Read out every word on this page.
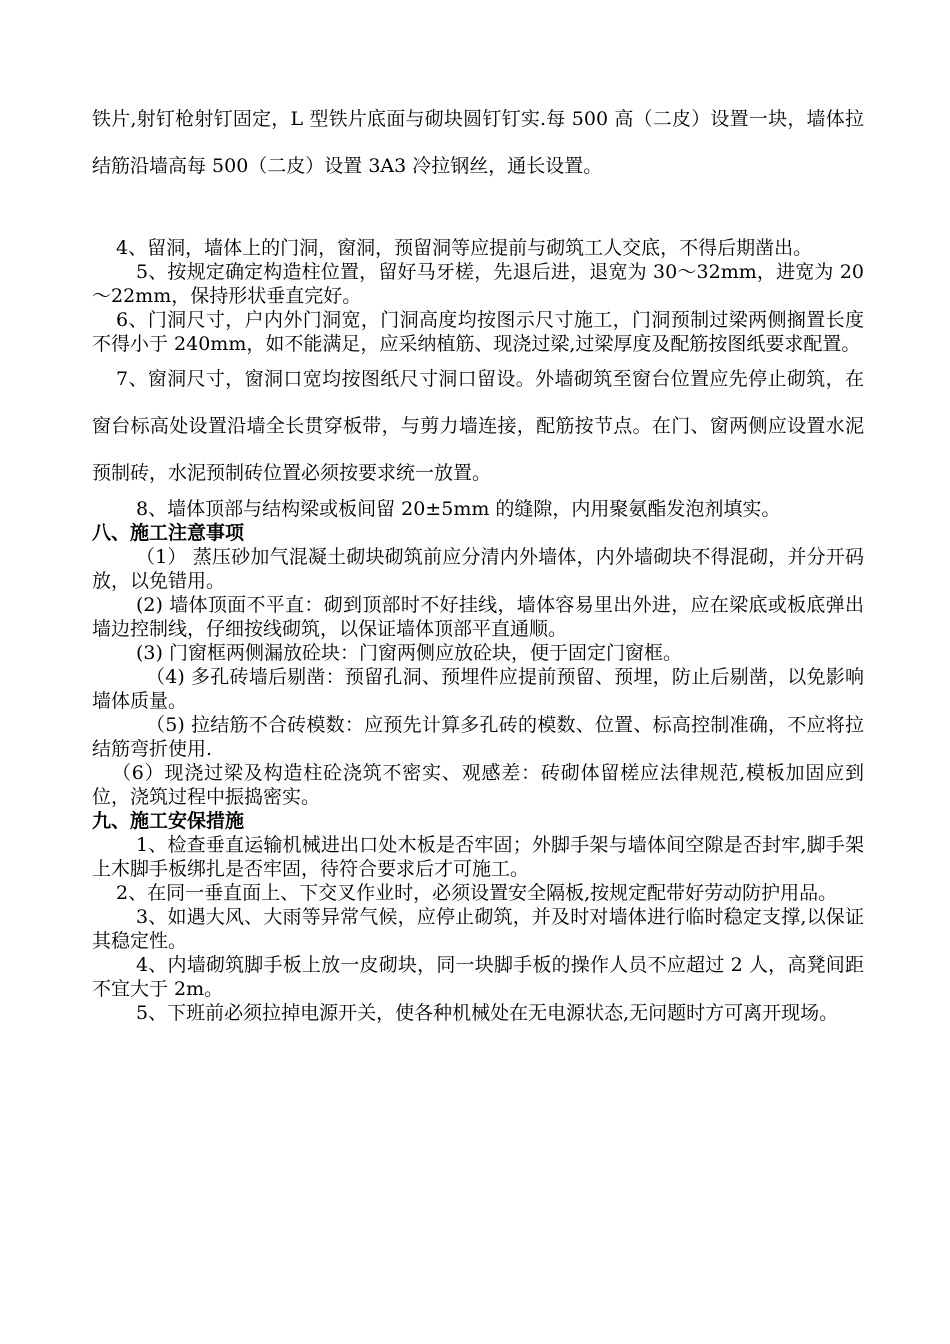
铁片,射钉枪射钉固定，L 型铁片底面与砌块圆钉钉实.每 500 高（二皮）设置一块，墙体拉结筋沿墙高每 500（二皮）设置 3A3 冷拉钢丝，通长设置。

4、留洞，墙体上的门洞，窗洞，预留洞等应提前与砌筑工人交底，不得后期凿出。

5、按规定确定构造柱位置，留好马牙槎，先退后进，退宽为 30～32mm，进宽为 20～22mm，保持形状垂直完好。

6、门洞尺寸，户内外门洞宽，门洞高度均按图示尺寸施工，门洞预制过梁两侧搁置长度不得小于 240mm，如不能满足，应采纳植筋、现浇过梁,过梁厚度及配筋按图纸要求配置。

7、窗洞尺寸，窗洞口宽均按图纸尺寸洞口留设。外墙砌筑至窗台位置应先停止砌筑，在窗台标高处设置沿墙全长贯穿板带，与剪力墙连接，配筋按节点。在门、窗两侧应设置水泥预制砖，水泥预制砖位置必须按要求统一放置。

8、墙体顶部与结构梁或板间留 20±5mm 的缝隙，内用聚氨酯发泡剂填实。

八、施工注意事项

（1） 蒸压砂加气混凝土砌块砌筑前应分清内外墙体，内外墙砌块不得混砌，并分开码放，以免错用。

(2) 墙体顶面不平直：砌到顶部时不好挂线，墙体容易里出外进，应在梁底或板底弹出墙边控制线，仔细按线砌筑，以保证墙体顶部平直通顺。

(3) 门窗框两侧漏放砼块：门窗两侧应放砼块，便于固定门窗框。

（4) 多孔砖墙后剔凿：预留孔洞、预埋件应提前预留、预埋，防止后剔凿，以免影响墙体质量。

（5) 拉结筋不合砖模数：应预先计算多孔砖的模数、位置、标高控制准确，不应将拉结筋弯折使用.

（6）现浇过梁及构造柱砼浇筑不密实、观感差：砖砌体留槎应法律规范,模板加固应到位，浇筑过程中振捣密实。

九、施工安保措施

1、检查垂直运输机械进出口处木板是否牢固；外脚手架与墙体间空隙是否封牢,脚手架上木脚手板绑扎是否牢固，待符合要求后才可施工。

2、在同一垂直面上、下交叉作业时，必须设置安全隔板,按规定配带好劳动防护用品。

3、如遇大风、大雨等异常气候，应停止砌筑，并及时对墙体进行临时稳定支撑,以保证其稳定性。

4、内墙砌筑脚手板上放一皮砌块，同一块脚手板的操作人员不应超过 2 人，高凳间距不宜大于 2m。

5、下班前必须拉掉电源开关，使各种机械处在无电源状态,无问题时方可离开现场。
